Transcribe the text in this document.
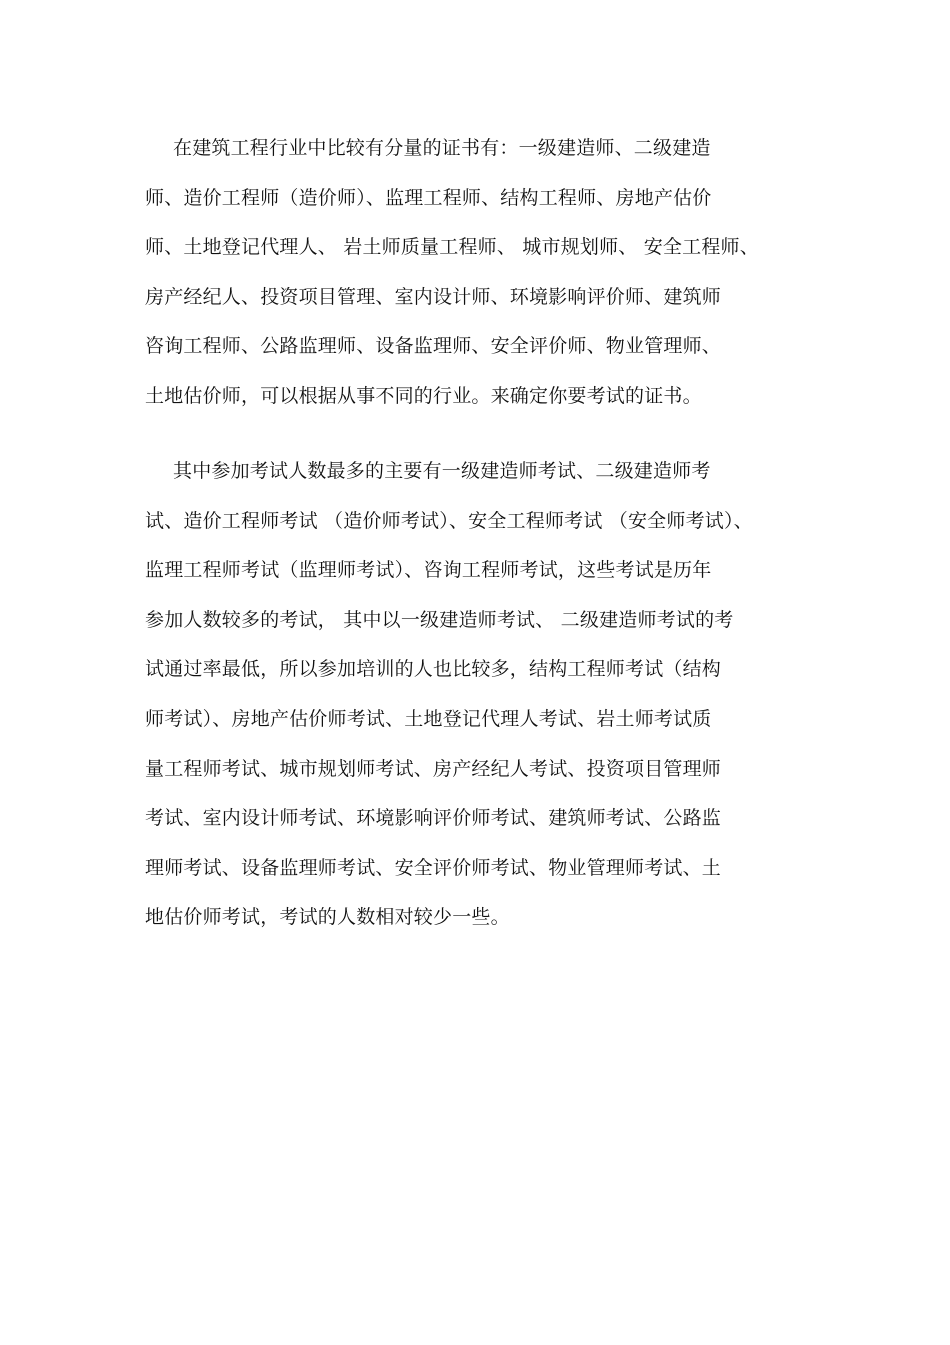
在建筑工程行业中比较有分量的证书有：一级建造师、二级建造
师、造价工程师（造价师）、监理工程师、结构工程师、房地产估价
师、土地登记代理人、 岩土师质量工程师、 城市规划师、 安全工程师、
房产经纪人、投资项目管理、室内设计师、环境影响评价师、建筑师
咨询工程师、公路监理师、设备监理师、安全评价师、物业管理师、
土地估价师，可以根据从事不同的行业。来确定你要考试的证书。
其中参加考试人数最多的主要有一级建造师考试、二级建造师考
试、造价工程师考试 （造价师考试）、安全工程师考试 （安全师考试）、
监理工程师考试（监理师考试）、咨询工程师考试，这些考试是历年
参加人数较多的考试， 其中以一级建造师考试、 二级建造师考试的考
试通过率最低，所以参加培训的人也比较多，结构工程师考试（结构
师考试）、房地产估价师考试、土地登记代理人考试、岩土师考试质
量工程师考试、城市规划师考试、房产经纪人考试、投资项目管理师
考试、室内设计师考试、环境影响评价师考试、建筑师考试、公路监
理师考试、设备监理师考试、安全评价师考试、物业管理师考试、土
地估价师考试，考试的人数相对较少一些。
